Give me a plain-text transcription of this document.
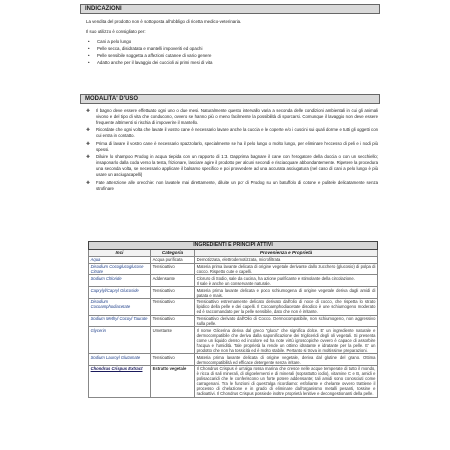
INDICAZIONI
La vendita del prodotto non è sottoposta all'obbligo di ricetta medico-veterinaria.
Il suo utilizzo è consigliato per:
• Cani a pelo lungo
• Pelle secca, disidratata e mantelli impoveriti ed opachi
• Pelle sensibile soggetta a affezioni cutanee di vario genere
• Adatto anche per il lavaggio dei cuccioli ai primi mesi di vita
MODALITA' D'USO
❖ Il bagno deve essere effettuato ogni uno o due mesi. Naturalmente questo intervallo varia a seconda delle condizioni ambientali in cui gli animali vivono e del tipo di vita che conducono, ovvero se hanno più o meno facilmente la possibilità di sporcarsi. Comunque il lavaggio non deve essere frequente altrimenti si rischia di impoverire il mantello.
❖ Ricordate che ogni volta che lavate il vostro cane è necessario lavare anche la cuccia e le coperte e/o i cuscini sui quali dorme e tutti gli oggetti con cui entra in contatto.
❖ Prima di lavare il vostro cane è necessario spazzolarlo, specialmente se ha il pelo lungo o molto lungo, per eliminare l'eccesso di peli e i nodi più spessi.
❖ Diluire lo shampoo Prodog in acqua tiepida con un rapporto di 1:3. Dapprima bagnare il cane con l'erogatore della doccia o con un secchiello; insaponarlo dalla coda verso la testa, frizionare, lasciare agire il prodotto per alcuni secondi e risciacquare abbondantemente. Ripetere la procedura una seconda volta, se necessario applicare il balsamo specifico e poi provvedere ad una accurata asciugatura (nel caso di cani a pelo lungo è più usare un asciugacapelli)
❖ Fate attenzione alle orecchie: non lavatele mai direttamente, diluite un po' di Prodog su un batuffolo di cotone e pulitele delicatamente senza strofinare
INGREDIENTI E PRINCIPI ATTIVI		
Inci	Categoria	Provenienza e Proprietà
Aqua	Acqua purificata	Demotizzata, elettrodemotizzata, microfiltrata
Disodium Cocoglucoglucose Citrate	Tensioattivo	Materia prima lavante delicata di origine vegetale derivante dallo zucchero (glucosio) di polpa di cocco. Rispetto cute e capelli.
Sodium Chloride	Addensante	Cloruro di Sodio, sale da cucina, ha azione purificante e stimolante della circolazione.
Il sale è anche un conservante naturale.
Caprylyl/Capryl Glucoside	Tensioattivo	Materia prima lavante delicata e poco schiumogena di origine vegetale deriva dagli amidi di patata e mais.
Disodium Cocoamphodiacetate	Tensioattivo	Tensioattivo estremamente delicato derivato dall'olio di noce di cocco, che rispetta lo strato lipidico della pelle e dei capelli. Il Cocoamphodiacetate disodico è une schiumogeno moderato ed è raccomandato per la pelle sensibile, dato che non è irritante.
Sodium Methyl Cocoyl Taurate	Tensioattivo	Tensioattivo derivato dall'Olio di Cocco. Dermocompatibile, non schiumogeno, non aggressivo sulla pelle.
Glycerin	Umettante	Il nome Glicerina deriva dal greco "glucu" che significa dolce. E' un ingrediente naturale e dermocompatibile che deriva dalla saponificazione dei trigliceridi degli oli vegetali. Si presenta come un liquido denso ed incolore ed ha note virtù igroscopiche ovvero è capace di assorbire l'acqua e l'umidità. Tale proprietà la rende un ottimo idratante e idratante per la pelle. E' un prodotto che non ha tossicità ed è molto stabile. Pertanto si trova in moltissime preparazioni.
Sodium Lauroyl Glutamate	Tensioattivo	Materia prima lavante delicata di origine vegetale, deriva dal glutine del grano. Ottima dermocompatibilità ed efficace detergente senza irritare.
Chondrus Crispus Extract	Estratto vegetale	Il Chondrus Crispus è un'alga rossa marina che cresce nelle acque temperate di tutto il mondo, è ricca di sali minerali, di oligoelementi e di minerali (soprattutto iodio), vitamine C e B, amidi e polisaccaridi che le conferiscono un forte potere addensante; tali amidi sono conosciuti come carragenani. Tra le funzioni di quest'alga ricordiamo: esfoliante e chelante ovvero trattiene il processo di chelazione e in grado di eliminare dall'organismo metalli pesanti, tossine e radioattivi. Il Chondrus Crispus possiede inoltre proprietà lenitive e decongestionanti della pelle.
